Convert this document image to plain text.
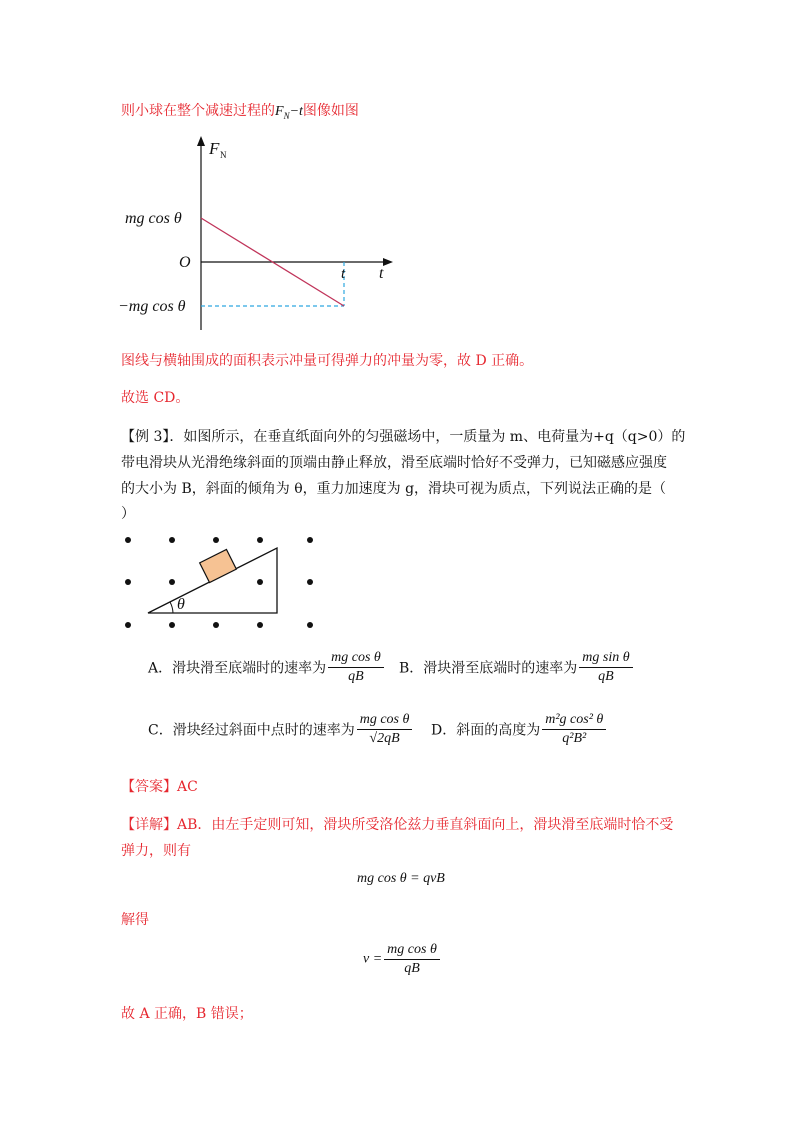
则小球在整个减速过程的$F_N-t$图像如图
F N
mg cos θ
O
t t
−mg cos θ
图线与横轴围成的面积表示冲量可得弹力的冲量为零，故 D 正确。
故选 CD。
【例 3】．如图所示，在垂直纸面向外的匀强磁场中，一质量为 m、电荷量为+q（q>0）的
带电滑块从光滑绝缘斜面的顶端由静止释放，滑至底端时恰好不受弹力，已知磁感应强度
的大小为 B，斜面的倾角为 θ，重力加速度为 g，滑块可视为质点，下列说法正确的是（
）
θ
A．滑块滑至底端时的速率为 $\frac{\text{mg cos θ}}{qB}$ B．滑块滑至底端时的速率为 $\frac{\text{mg sin θ}}{qB}$
C．滑块经过斜面中点时的速率为 $\frac{\text{mg cos θ}}{√2qB}$ D．斜面的高度为 $\frac{\text{m²g cos² θ}}{\text{q²B²}}$
【答案】AC
【详解】AB．由左手定则可知，滑块所受洛伦兹力垂直斜面向上，滑块滑至底端时恰不受
弹力，则有
mg cos θ = qvB
解得
$v = \frac{\text{mg cos θ}}{qB}$
故 A 正确，B 错误；
